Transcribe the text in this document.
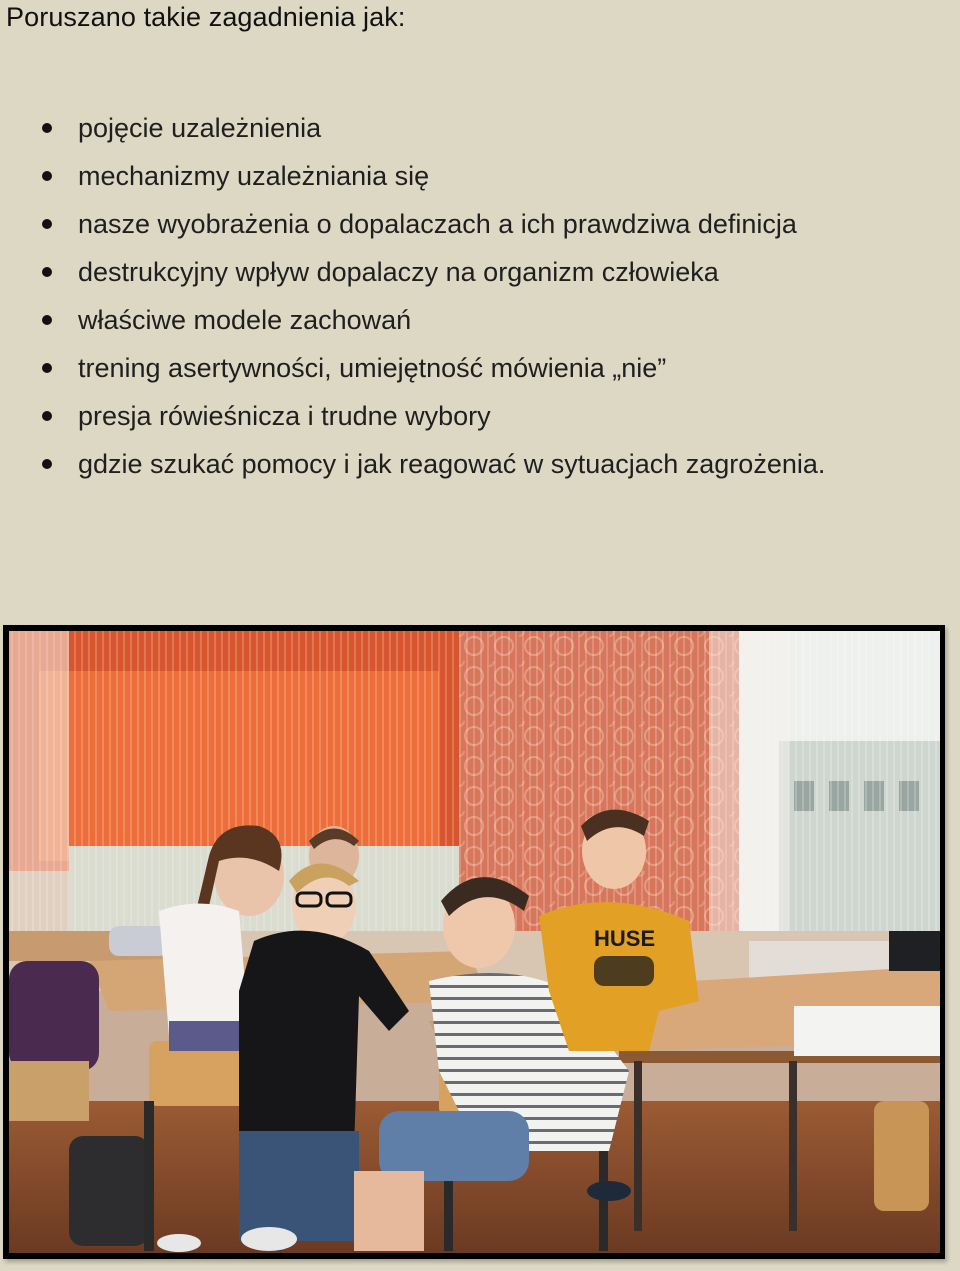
Poruszano takie zagadnienia jak:
pojęcie uzależnienia
mechanizmy uzależniania się
nasze wyobrażenia o dopalaczach a ich prawdziwa definicja
destrukcyjny wpływ dopalaczy na organizm człowieka
właściwe modele zachowań
trening asertywności, umiejętność mówienia „nie”
presja rówieśnicza i trudne wybory
gdzie szukać pomocy i jak reagować w sytuacjach zagrożenia.
HUSE
